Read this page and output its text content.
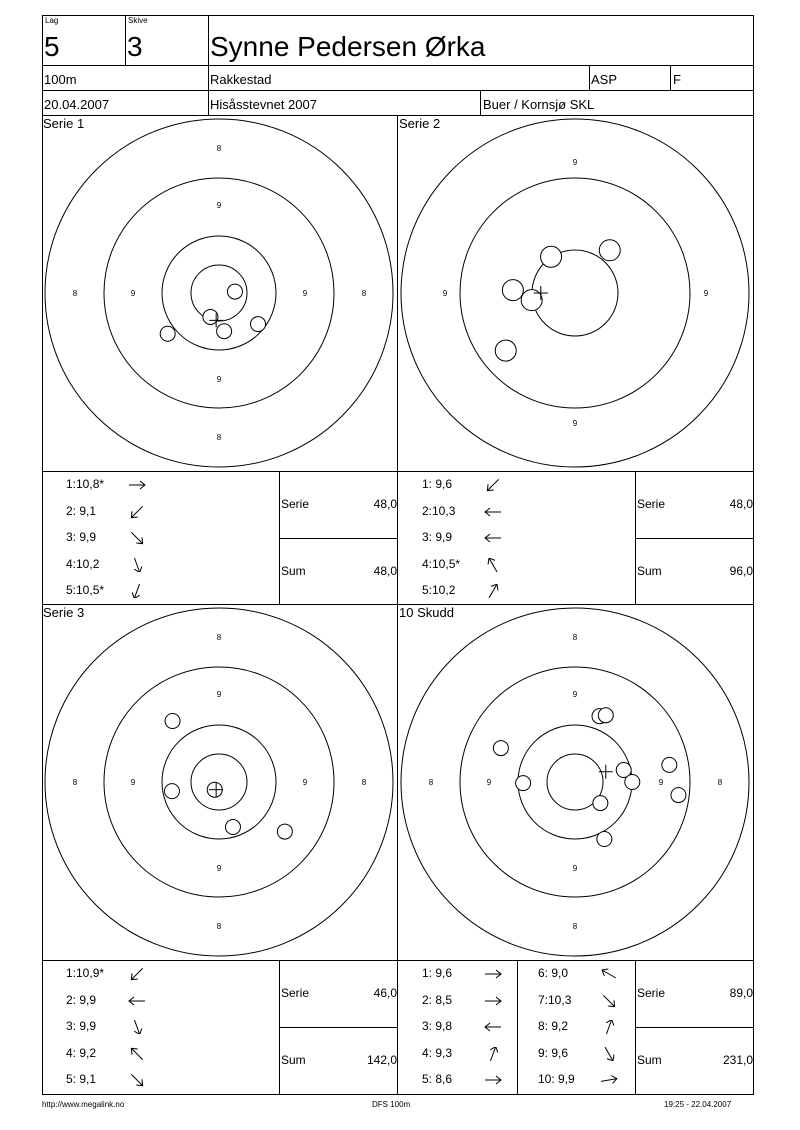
Lag
5
Skive
3 Synne Pedersen Ørka
100m	Rakkestad	ASP	F
20.04.2007	Hisåsstevnet 2007	Buer / Kornsjø SKL
Serie 1	Serie 2
Serie 3	10 Skudd
8
8
8	8
9
9
9	9
9
9
9	9
8
8
8	8
9
9
9	9
8
8
8	8
9
9
9	9
1:10,8*
2: 9,1
3: 9,9
4:10,2
5:10,5*
Serie	48,0
Sum	48,0
1: 9,6
2:10,3
3: 9,9
4:10,5*
5:10,2
Serie	48,0
Sum	96,0
1:10,9*
2: 9,9
3: 9,9
4: 9,2
5: 9,1
Serie	46,0
Sum	142,0
1: 9,6
2: 8,5
3: 9,8
4: 9,3
5: 8,6
6: 9,0
7:10,3
8: 9,2
9: 9,6
10: 9,9
Serie	89,0
Sum	231,0
http://www.megalink.no	DFS 100m	19:25 - 22.04.2007
